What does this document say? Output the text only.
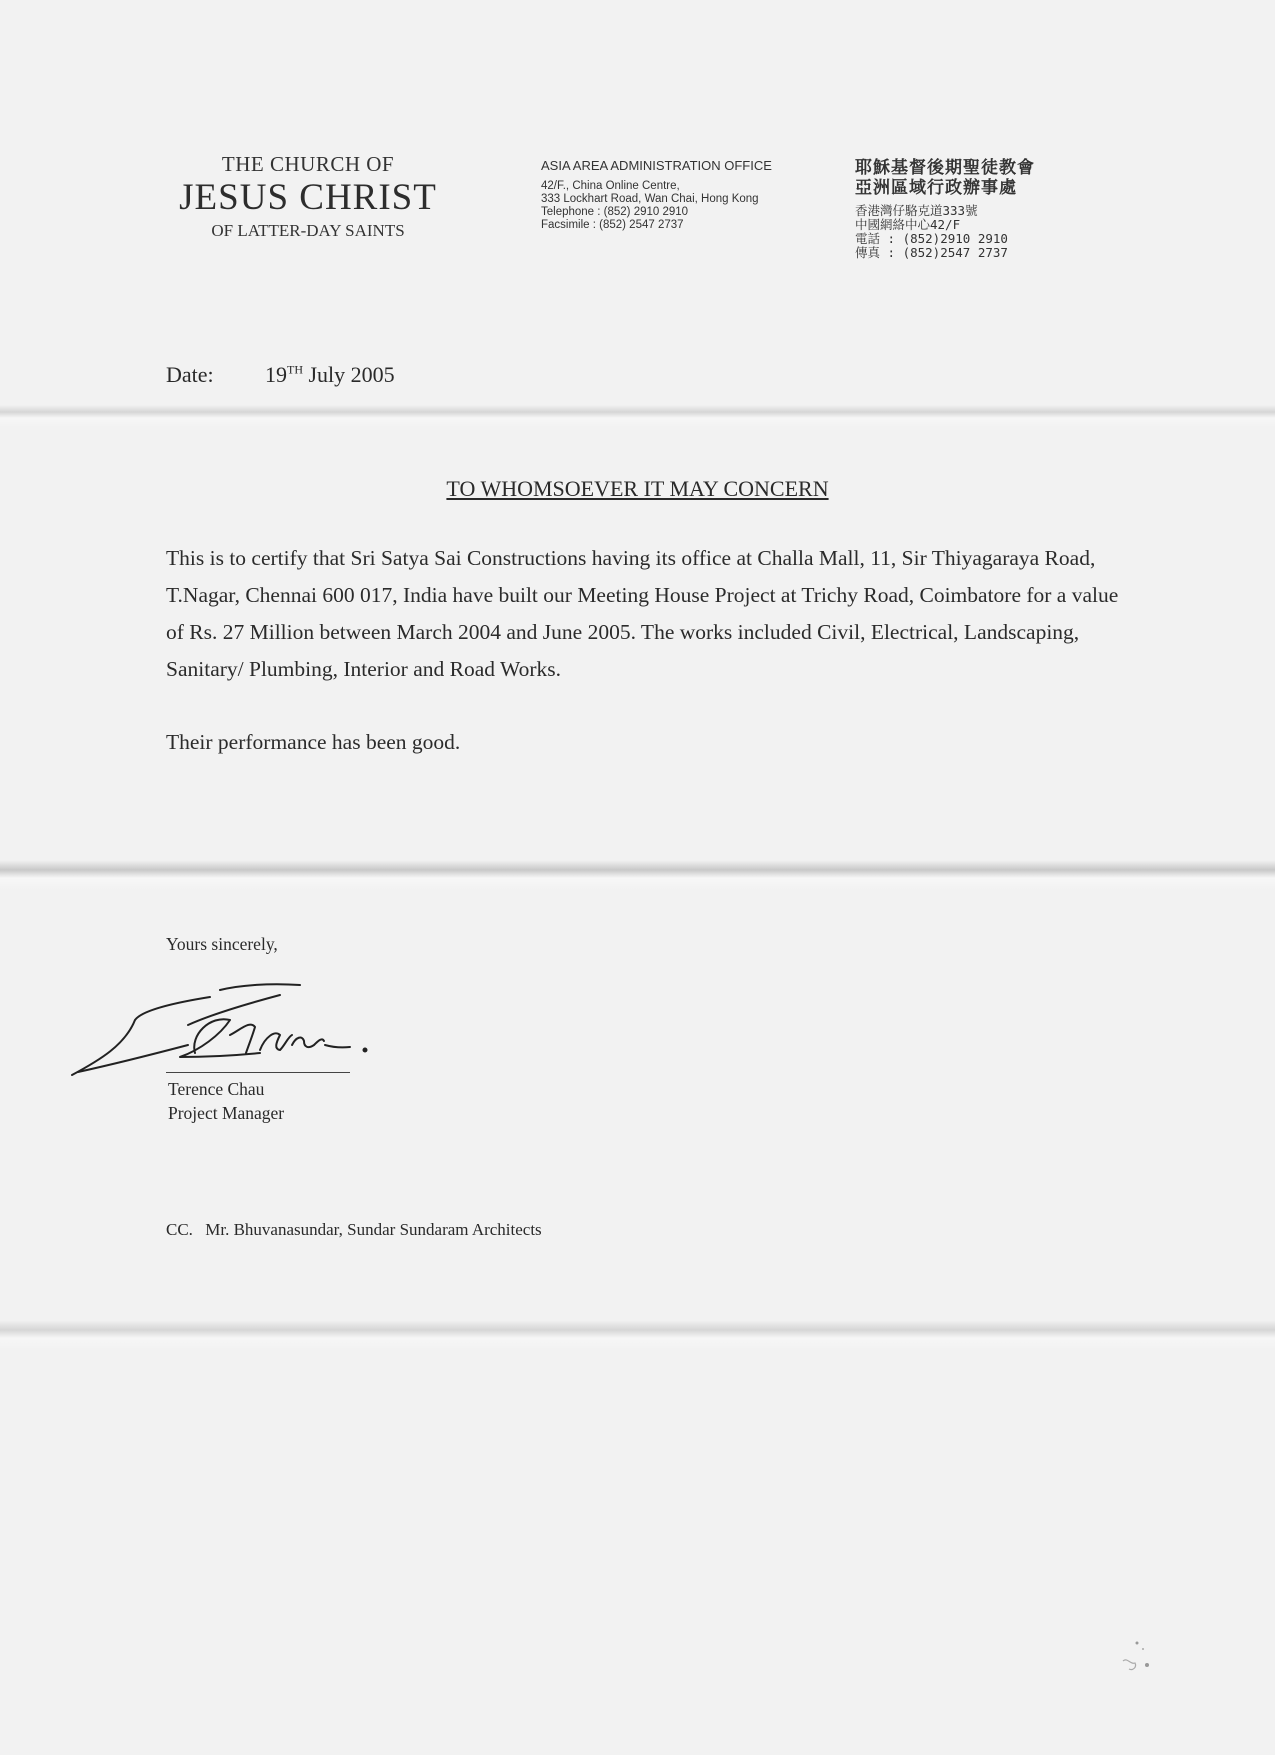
THE CHURCH OF
JESUS CHRIST
OF LATTER-DAY SAINTS
ASIA AREA ADMINISTRATION OFFICE
42/F., China Online Centre,
333 Lockhart Road, Wan Chai, Hong Kong
Telephone : (852) 2910 2910
Facsimile : (852) 2547 2737
耶穌基督後期聖徒教會
亞洲區域行政辦事處
香港灣仔駱克道333號
中國網絡中心42/F
電話 : (852)2910 2910
傳真 : (852)2547 2737
Date: 19TH July 2005
TO WHOMSOEVER IT MAY CONCERN

This is to certify that Sri Satya Sai Constructions having its office at Challa Mall, 11, Sir Thiyagaraya Road, T.Nagar, Chennai 600 017, India have built our Meeting House Project at Trichy Road, Coimbatore for a value of Rs. 27 Million between March 2004 and June 2005. The works included Civil, Electrical, Landscaping, Sanitary/ Plumbing, Interior and Road Works.

Their performance has been good.

Yours sincerely,
Terence Chau
Project Manager
CC. Mr. Bhuvanasundar, Sundar Sundaram Architects
